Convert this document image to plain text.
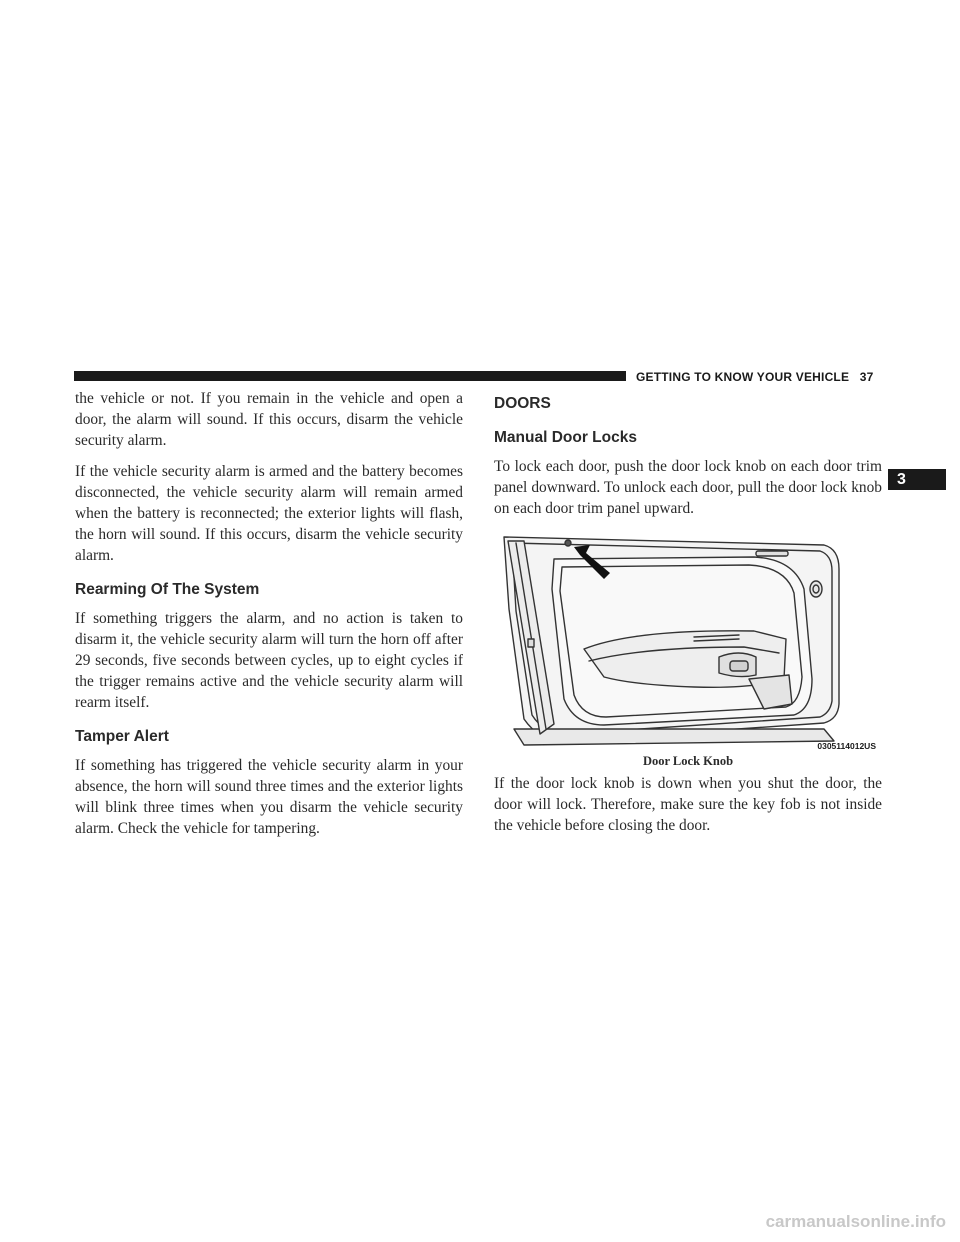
GETTING TO KNOW YOUR VEHICLE 37
3

the vehicle or not. If you remain in the vehicle and open a door, the alarm will sound. If this occurs, disarm the vehicle security alarm.

If the vehicle security alarm is armed and the battery becomes disconnected, the vehicle security alarm will remain armed when the battery is reconnected; the exterior lights will flash, the horn will sound. If this occurs, disarm the vehicle security alarm.

Rearming Of The System

If something triggers the alarm, and no action is taken to disarm it, the vehicle security alarm will turn the horn off after 29 seconds, five seconds between cycles, up to eight cycles if the trigger remains active and the vehicle security alarm will rearm itself.

Tamper Alert

If something has triggered the vehicle security alarm in your absence, the horn will sound three times and the exterior lights will blink three times when you disarm the vehicle security alarm. Check the vehicle for tampering.

DOORS
Manual Door Locks

To lock each door, push the door lock knob on each door trim panel downward. To unlock each door, pull the door lock knob on each door trim panel upward.

0305114012US
Door Lock Knob

If the door lock knob is down when you shut the door, the door will lock. Therefore, make sure the key fob is not inside the vehicle before closing the door.

carmanualsonline.info
